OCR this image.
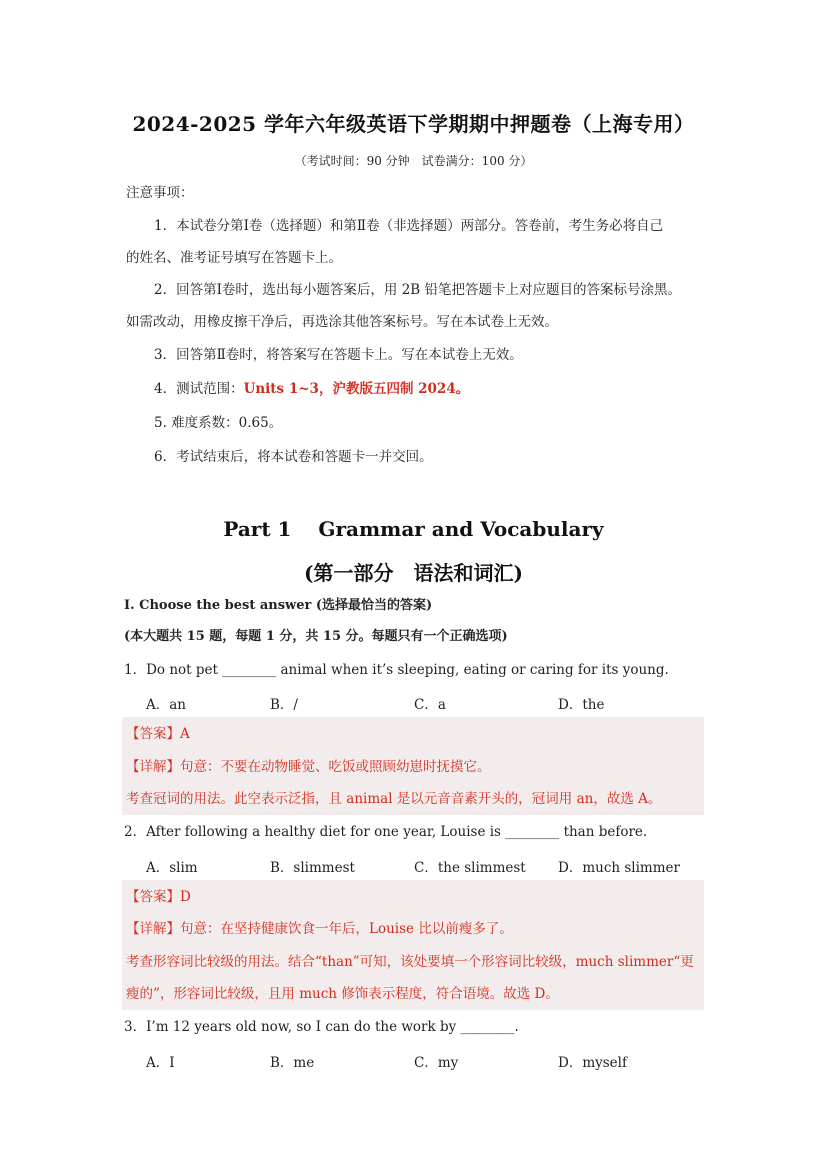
2024-2025 学年六年级英语下学期期中押题卷（上海专用）
（考试时间：90 分钟　试卷满分：100 分）
注意事项：
1．本试卷分第Ⅰ卷（选择题）和第Ⅱ卷（非选择题）两部分。答卷前，考生务必将自己
的姓名、准考证号填写在答题卡上。
2．回答第Ⅰ卷时，选出每小题答案后，用 2B 铅笔把答题卡上对应题目的答案标号涂黑。
如需改动，用橡皮擦干净后，再选涂其他答案标号。写在本试卷上无效。
3．回答第Ⅱ卷时，将答案写在答题卡上。写在本试卷上无效。
4．测试范围：Units 1~3，沪教版五四制 2024。
5. 难度系数：0.65。
6．考试结束后，将本试卷和答题卡一并交回。
Part 1　 Grammar and Vocabulary
(第一部分　语法和词汇)
I. Choose the best answer (选择最恰当的答案)
(本大题共 15 题，每题 1 分，共 15 分。每题只有一个正确选项)
1．Do not pet ________ animal when it’s sleeping, eating or caring for its young.
A．an	B．/	C．a	D．the
【答案】A
【详解】句意：不要在动物睡觉、吃饭或照顾幼崽时抚摸它。
考查冠词的用法。此空表示泛指，且 animal 是以元音音素开头的，冠词用 an，故选 A。
2．After following a healthy diet for one year, Louise is ________ than before.
A．slim	B．slimmest	C．the slimmest D．much slimmer
【答案】D
【详解】句意：在坚持健康饮食一年后，Louise 比以前瘦多了。
考查形容词比较级的用法。结合“than”可知，该处要填一个形容词比较级，much slimmer“更
瘦的”，形容词比较级，且用 much 修饰表示程度，符合语境。故选 D。
3．I’m 12 years old now, so I can do the work by ________.
A．I	B．me	C．my	D．myself
